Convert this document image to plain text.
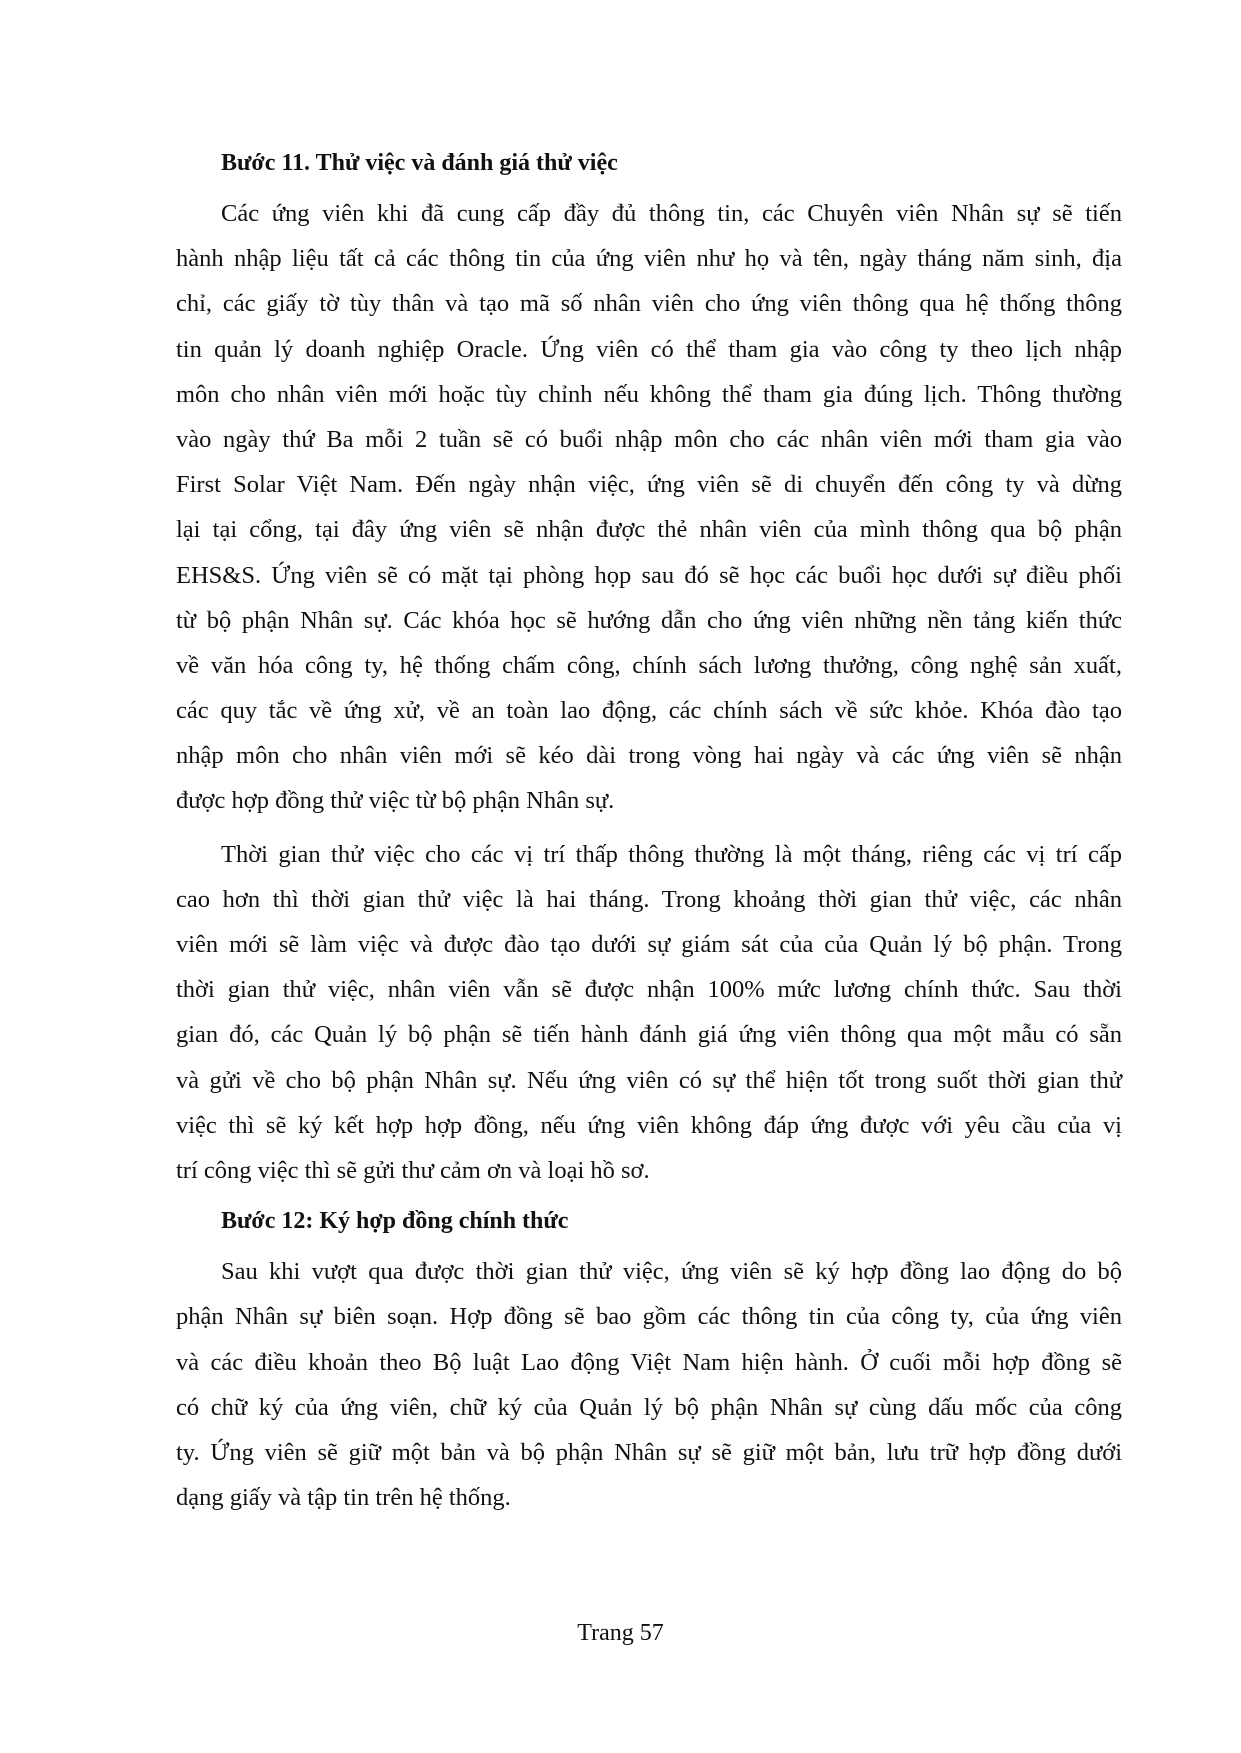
Bước 11. Thử việc và đánh giá thử việc
Các ứng viên khi đã cung cấp đầy đủ thông tin, các Chuyên viên Nhân sự sẽ tiến
hành nhập liệu tất cả các thông tin của ứng viên như họ và tên, ngày tháng năm sinh, địa
chỉ, các giấy tờ tùy thân và tạo mã số nhân viên cho ứng viên thông qua hệ thống thông
tin quản lý doanh nghiệp Oracle. Ứng viên có thể tham gia vào công ty theo lịch nhập
môn cho nhân viên mới hoặc tùy chỉnh nếu không thể tham gia đúng lịch. Thông thường
vào ngày thứ Ba mỗi 2 tuần sẽ có buổi nhập môn cho các nhân viên mới tham gia vào
First Solar Việt Nam. Đến ngày nhận việc, ứng viên sẽ di chuyển đến công ty và dừng
lại tại cổng, tại đây ứng viên sẽ nhận được thẻ nhân viên của mình thông qua bộ phận
EHS&S. Ứng viên sẽ có mặt tại phòng họp sau đó sẽ học các buổi học dưới sự điều phối
từ bộ phận Nhân sự. Các khóa học sẽ hướng dẫn cho ứng viên những nền tảng kiến thức
về văn hóa công ty, hệ thống chấm công, chính sách lương thưởng, công nghệ sản xuất,
các quy tắc về ứng xử, về an toàn lao động, các chính sách về sức khỏe. Khóa đào tạo
nhập môn cho nhân viên mới sẽ kéo dài trong vòng hai ngày và các ứng viên sẽ nhận
được hợp đồng thử việc từ bộ phận Nhân sự.
Thời gian thử việc cho các vị trí thấp thông thường là một tháng, riêng các vị trí cấp
cao hơn thì thời gian thử việc là hai tháng. Trong khoảng thời gian thử việc, các nhân
viên mới sẽ làm việc và được đào tạo dưới sự giám sát của của Quản lý bộ phận. Trong
thời gian thử việc, nhân viên vẫn sẽ được nhận 100% mức lương chính thức. Sau thời
gian đó, các Quản lý bộ phận sẽ tiến hành đánh giá ứng viên thông qua một mẫu có sẵn
và gửi về cho bộ phận Nhân sự. Nếu ứng viên có sự thể hiện tốt trong suốt thời gian thử
việc thì sẽ ký kết hợp hợp đồng, nếu ứng viên không đáp ứng được với yêu cầu của vị
trí công việc thì sẽ gửi thư cảm ơn và loại hồ sơ.
Bước 12: Ký hợp đồng chính thức
Sau khi vượt qua được thời gian thử việc, ứng viên sẽ ký hợp đồng lao động do bộ
phận Nhân sự biên soạn. Hợp đồng sẽ bao gồm các thông tin của công ty, của ứng viên
và các điều khoản theo Bộ luật Lao động Việt Nam hiện hành. Ở cuối mỗi hợp đồng sẽ
có chữ ký của ứng viên, chữ ký của Quản lý bộ phận Nhân sự cùng dấu mốc của công
ty. Ứng viên sẽ giữ một bản và bộ phận Nhân sự sẽ giữ một bản, lưu trữ hợp đồng dưới
dạng giấy và tập tin trên hệ thống.
Trang 57
